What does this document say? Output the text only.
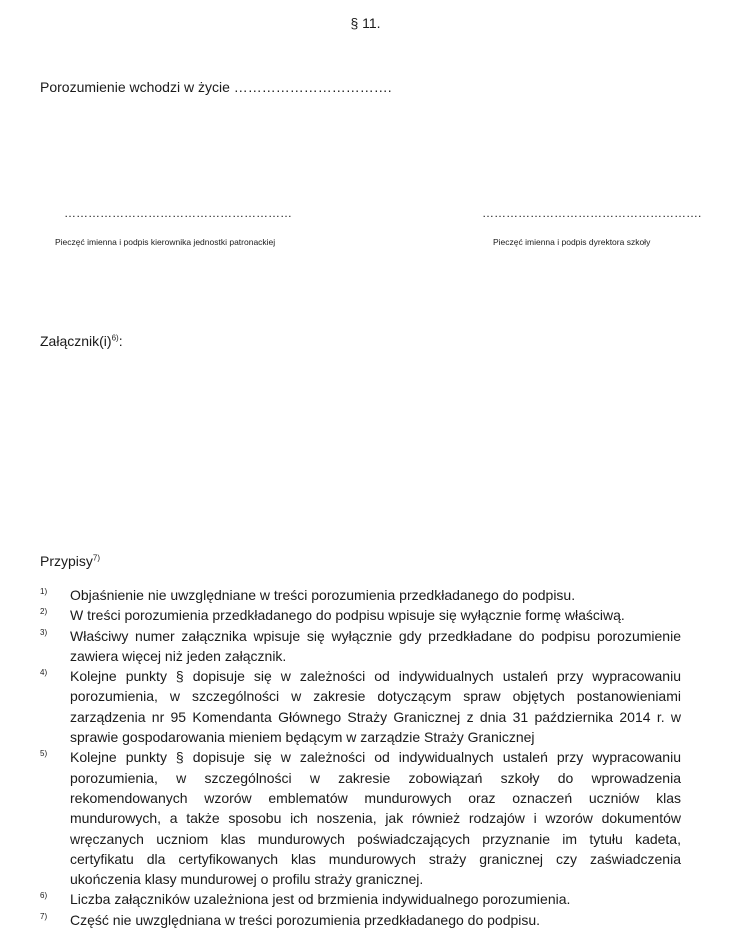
§ 11.
Porozumienie wchodzi w życie …………………………….
…………………………………………………	……………………………………………….
Pieczęć imienna i podpis kierownika jednostki patronackiej	Pieczęć imienna i podpis dyrektora szkoły
$Załącznik(i)^{6)}$:
Przypisy$^{7)}$
1)	Objaśnienie nie uwzględniane w treści porozumienia przedkładanego do podpisu.
2)	W treści porozumienia przedkładanego do podpisu wpisuje się wyłącznie formę właściwą.
3)	Właściwy numer załącznika wpisuje się wyłącznie gdy przedkładane do podpisu porozumienie zawiera więcej niż jeden załącznik.
4)	Kolejne punkty § dopisuje się w zależności od indywidualnych ustaleń przy wypracowaniu porozumienia, w szczególności w zakresie dotyczącym spraw objętych postanowieniami zarządzenia nr 95 Komendanta Głównego Straży Granicznej z dnia 31 października 2014 r. w sprawie gospodarowania mieniem będącym w zarządzie Straży Granicznej
5)	Kolejne punkty § dopisuje się w zależności od indywidualnych ustaleń przy wypracowaniu porozumienia, w szczególności w zakresie zobowiązań szkoły do wprowadzenia rekomendowanych wzorów emblematów mundurowych oraz oznaczeń uczniów klas mundurowych, a także sposobu ich noszenia, jak również rodzajów i wzorów dokumentów wręczanych uczniom klas mundurowych poświadczających przyznanie im tytułu kadeta, certyfikatu dla certyfikowanych klas mundurowych straży granicznej czy zaświadczenia ukończenia klasy mundurowej o profilu straży granicznej.
6)	Liczba załączników uzależniona jest od brzmienia indywidualnego porozumienia.
7)	Część nie uwzględniana w treści porozumienia przedkładanego do podpisu.
